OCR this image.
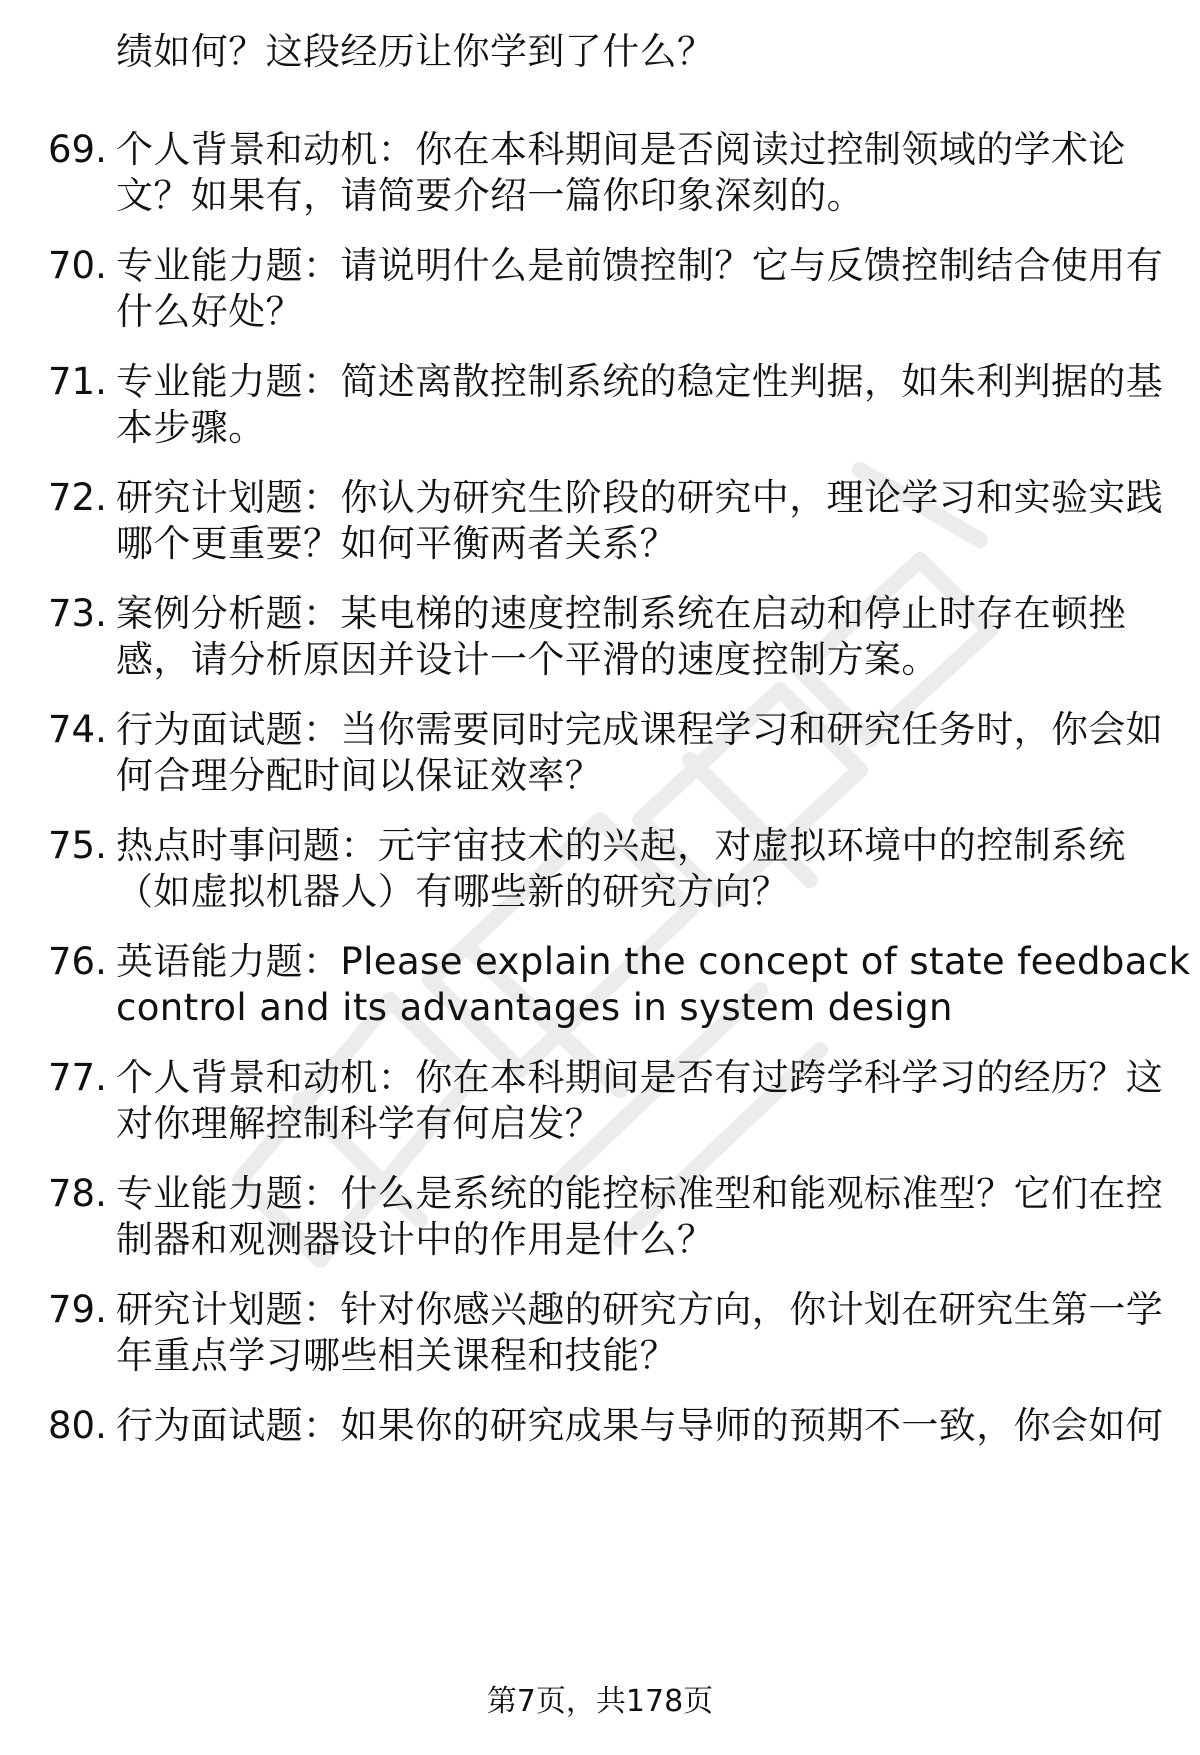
绩如何？这段经历让你学到了什么？
69. 个人背景和动机：你在本科期间是否阅读过控制领域的学术论
文？如果有，请简要介绍一篇你印象深刻的。
70. 专业能力题：请说明什么是前馈控制？它与反馈控制结合使用有
什么好处？
71. 专业能力题：简述离散控制系统的稳定性判据，如朱利判据的基
本步骤。
72. 研究计划题：你认为研究生阶段的研究中，理论学习和实验实践
哪个更重要？如何平衡两者关系？
73. 案例分析题：某电梯的速度控制系统在启动和停止时存在顿挫
感，请分析原因并设计一个平滑的速度控制方案。
74. 行为面试题：当你需要同时完成课程学习和研究任务时，你会如
何合理分配时间以保证效率？
75. 热点时事问题：元宇宙技术的兴起，对虚拟环境中的控制系统
（如虚拟机器人）有哪些新的研究方向？
76. 英语能力题：Please explain the concept of state feedback
control and its advantages in system design
77. 个人背景和动机：你在本科期间是否有过跨学科学习的经历？这
对你理解控制科学有何启发？
78. 专业能力题：什么是系统的能控标准型和能观标准型？它们在控
制器和观测器设计中的作用是什么？
79. 研究计划题：针对你感兴趣的研究方向，你计划在研究生第一学
年重点学习哪些相关课程和技能？
80. 行为面试题：如果你的研究成果与导师的预期不一致，你会如何
第7页，共178页
